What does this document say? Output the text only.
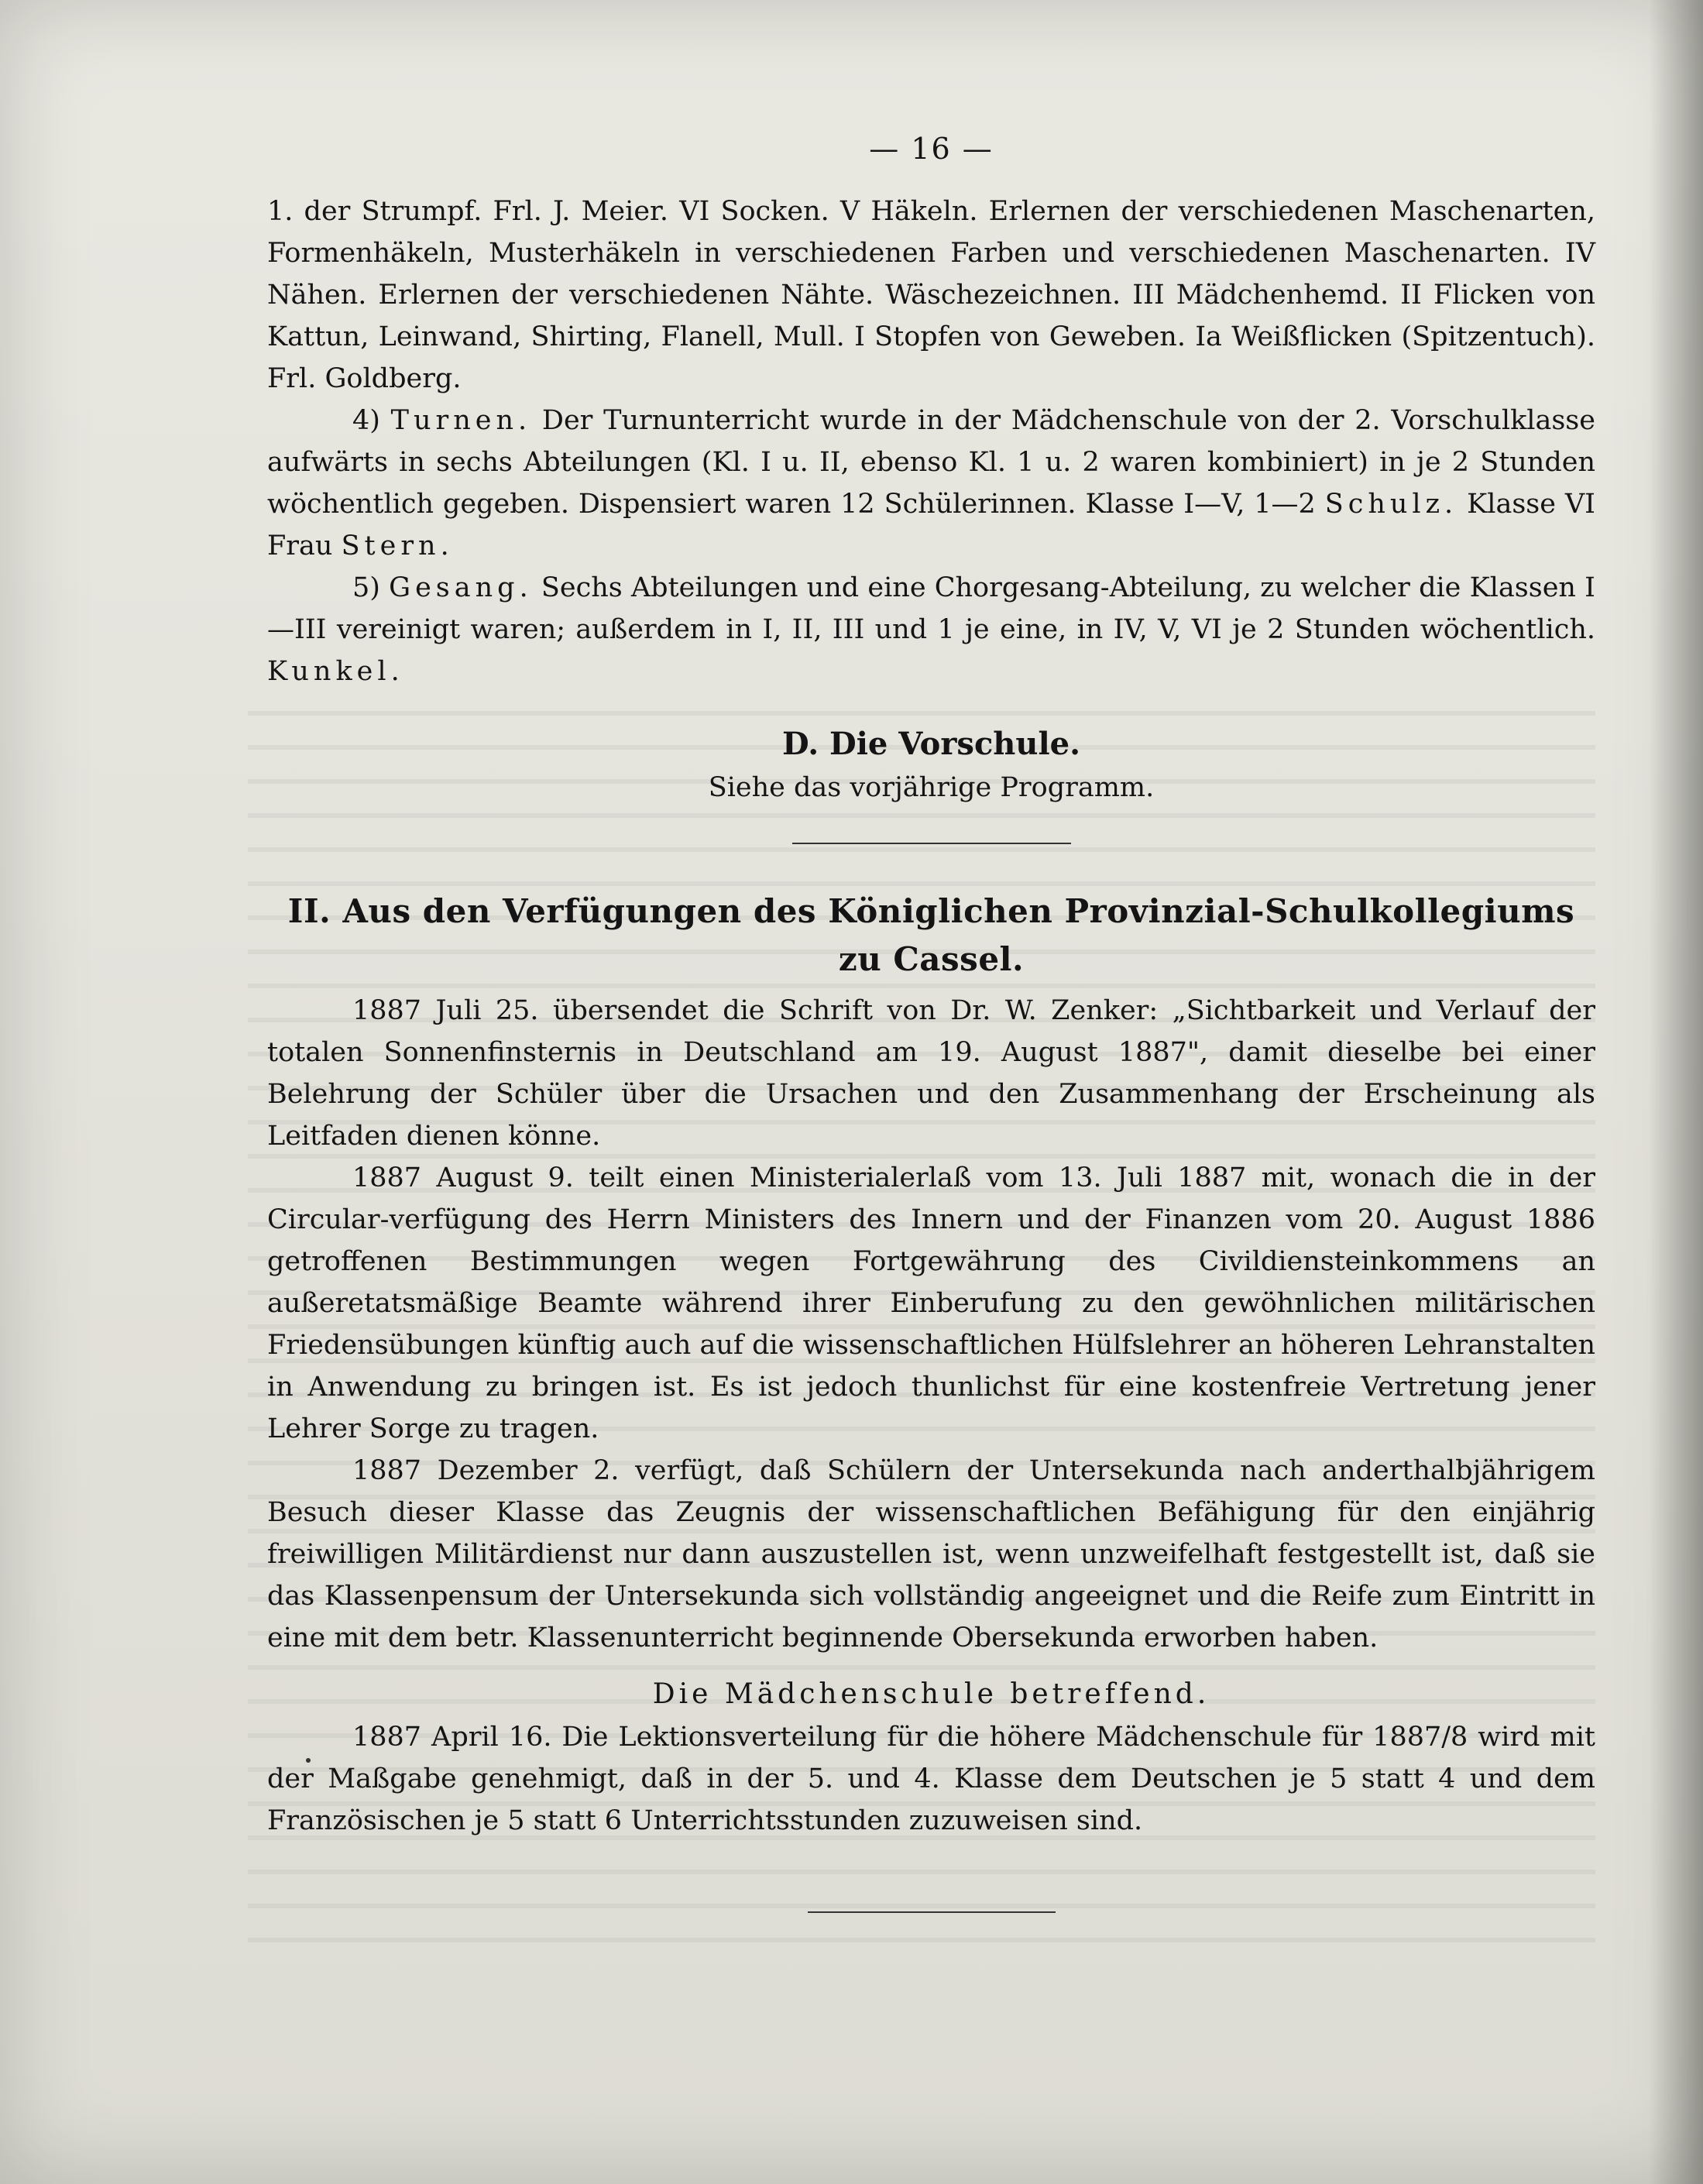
— 16 —

1. der Strumpf. Frl. J. Meier. VI Socken. V Häkeln. Erlernen der verschiedenen Maschenarten, Formenhäkeln, Musterhäkeln in verschiedenen Farben und verschiedenen Maschenarten. IV Nähen. Erlernen der verschiedenen Nähte. Wäschezeichnen. III Mädchenhemd. II Flicken von Kattun, Leinwand, Shirting, Flanell, Mull. I Stopfen von Geweben. Ia Weißflicken (Spitzentuch). Frl. Goldberg.

4) Turnen. Der Turnunterricht wurde in der Mädchenschule von der 2. Vorschulklasse aufwärts in sechs Abteilungen (Kl. I u. II, ebenso Kl. 1 u. 2 waren kombiniert) in je 2 Stunden wöchentlich gegeben. Dispensiert waren 12 Schülerinnen. Klasse I—V, 1—2 Schulz. Klasse VI Frau Stern.

5) Gesang. Sechs Abteilungen und eine Chorgesang-Abteilung, zu welcher die Klassen I—III vereinigt waren; außerdem in I, II, III und 1 je eine, in IV, V, VI je 2 Stunden wöchentlich. Kunkel.

D. Die Vorschule.
Siehe das vorjährige Programm.
II. Aus den Verfügungen des Königlichen Provinzial-Schulkollegiums zu Cassel.

1887 Juli 25. übersendet die Schrift von Dr. W. Zenker: „Sichtbarkeit und Verlauf der totalen Sonnenfinsternis in Deutschland am 19. August 1887", damit dieselbe bei einer Belehrung der Schüler über die Ursachen und den Zusammenhang der Erscheinung als Leitfaden dienen könne.

1887 August 9. teilt einen Ministerialerlaß vom 13. Juli 1887 mit, wonach die in der Circular-verfügung des Herrn Ministers des Innern und der Finanzen vom 20. August 1886 getroffenen Bestimmungen wegen Fortgewährung des Civildiensteinkommens an außeretatsmäßige Beamte während ihrer Einberufung zu den gewöhnlichen militärischen Friedensübungen künftig auch auf die wissenschaftlichen Hülfslehrer an höheren Lehranstalten in Anwendung zu bringen ist. Es ist jedoch thunlichst für eine kostenfreie Vertretung jener Lehrer Sorge zu tragen.

1887 Dezember 2. verfügt, daß Schülern der Untersekunda nach anderthalbjährigem Besuch dieser Klasse das Zeugnis der wissenschaftlichen Befähigung für den einjährig freiwilligen Militärdienst nur dann auszustellen ist, wenn unzweifelhaft festgestellt ist, daß sie das Klassenpensum der Untersekunda sich vollständig angeeignet und die Reife zum Eintritt in eine mit dem betr. Klassenunterricht beginnende Obersekunda erworben haben.

Die Mädchenschule betreffend.

1887 April 16. Die Lektionsverteilung für die höhere Mädchenschule für 1887/8 wird mit der Maßgabe genehmigt, daß in der 5. und 4. Klasse dem Deutschen je 5 statt 4 und dem Französischen je 5 statt 6 Unterrichtsstunden zuzuweisen sind.
